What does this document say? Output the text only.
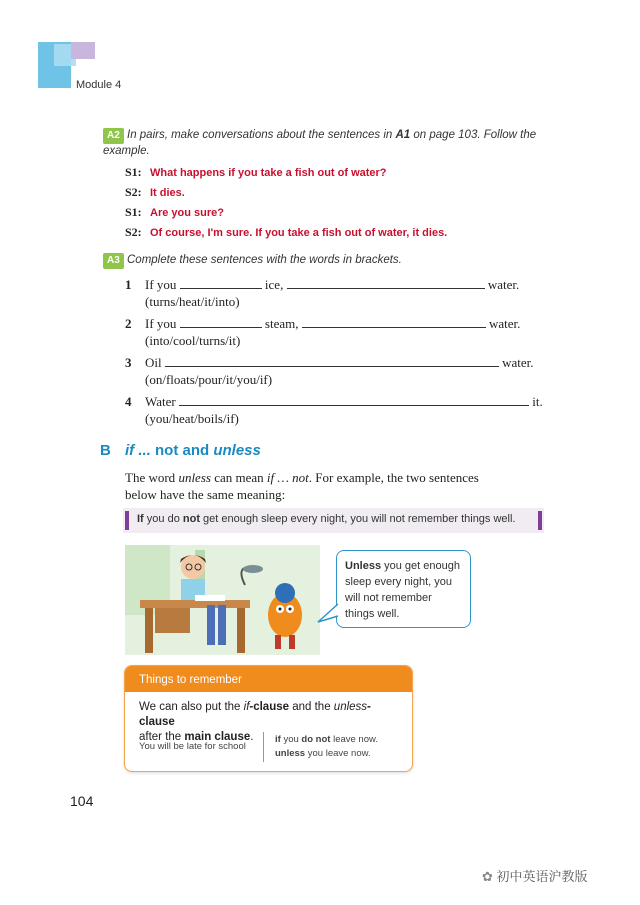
Module 4
A2 In pairs, make conversations about the sentences in A1 on page 103. Follow the
example.
S1: What happens if you take a fish out of water?
S2: It dies.
S1: Are you sure?
S2: Of course, I'm sure. If you take a fish out of water, it dies.
A3 Complete these sentences with the words in brackets.
1 If you	ice,	water.
(turns/heat/it/into)
2 If you	steam,	water.
(into/cool/turns/it)
3 Oil	water.
(on/floats/pour/it/you/if)
4 Water	it.
(you/heat/boils/if)
B if ... not and unless
The word unless can mean if … not. For example, the two sentences
below have the same meaning:
If you do not get enough sleep every night, you will not remember things well.
Unless you get enough
sleep every night, you
will not remember
things well.
Things to remember
We can also put the if-clause and the unless-clause
after the main clause.
You will be late for school
if you do not leave now.
unless you leave now.
104
✿ 初中英语沪教版
